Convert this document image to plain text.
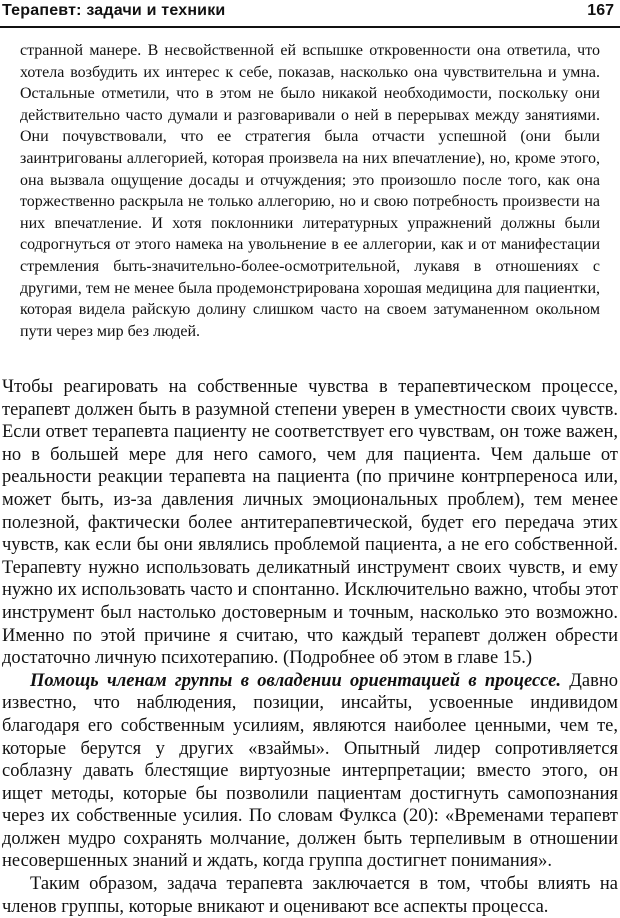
Терапевт: задачи и техники	167
странной манере. В несвойственной ей вспышке откровенности она ответила, что хотела возбудить их интерес к себе, показав, насколько она чувствительна и умна. Остальные отметили, что в этом не было никакой необходимости, поскольку они действительно часто думали и разговаривали о ней в перерывах между занятиями. Они почувствовали, что ее стратегия была отчасти успешной (они были заинтригованы аллегорией, которая произвела на них впечатление), но, кроме этого, она вызвала ощущение досады и отчуждения; это произошло после того, как она торжественно раскрыла не только аллегорию, но и свою потребность произвести на них впечатление. И хотя поклонники литературных упражнений должны были содрогнуться от этого намека на увольнение в ее аллегории, как и от манифестации стремления быть-значительно-более-осмотрительной, лукавя в отношениях с другими, тем не менее была продемонстрирована хорошая медицина для пациентки, которая видела райскую долину слишком часто на своем затуманенном окольном пути через мир без людей.

Чтобы реагировать на собственные чувства в терапевтическом процессе, терапевт должен быть в разумной степени уверен в уместности своих чувств. Если ответ терапевта пациенту не соответствует его чувствам, он тоже важен, но в большей мере для него самого, чем для пациента. Чем дальше от реальности реакции терапевта на пациента (по причине контрпереноса или, может быть, из-за давления личных эмоциональных проблем), тем менее полезной, фактически более антитерапевтической, будет его передача этих чувств, как если бы они являлись проблемой пациента, а не его собственной. Терапевту нужно использовать деликатный инструмент своих чувств, и ему нужно их использовать часто и спонтанно. Исключительно важно, чтобы этот инструмент был настолько достоверным и точным, насколько это возможно. Именно по этой причине я считаю, что каждый терапевт должен обрести достаточно личную психотерапию. (Подробнее об этом в главе 15.)

Помощь членам группы в овладении ориентацией в процессе. Давно известно, что наблюдения, позиции, инсайты, усвоенные индивидом благодаря его собственным усилиям, являются наиболее ценными, чем те, которые берутся у других «взаймы». Опытный лидер сопротивляется соблазну давать блестящие виртуозные интерпретации; вместо этого, он ищет методы, которые бы позволили пациентам достигнуть самопознания через их собственные усилия. По словам Фулкса (20): «Временами терапевт должен мудро сохранять молчание, должен быть терпеливым в отношении несовершенных знаний и ждать, когда группа достигнет понимания».

Таким образом, задача терапевта заключается в том, чтобы влиять на членов группы, которые вникают и оценивают все аспекты процесса.
